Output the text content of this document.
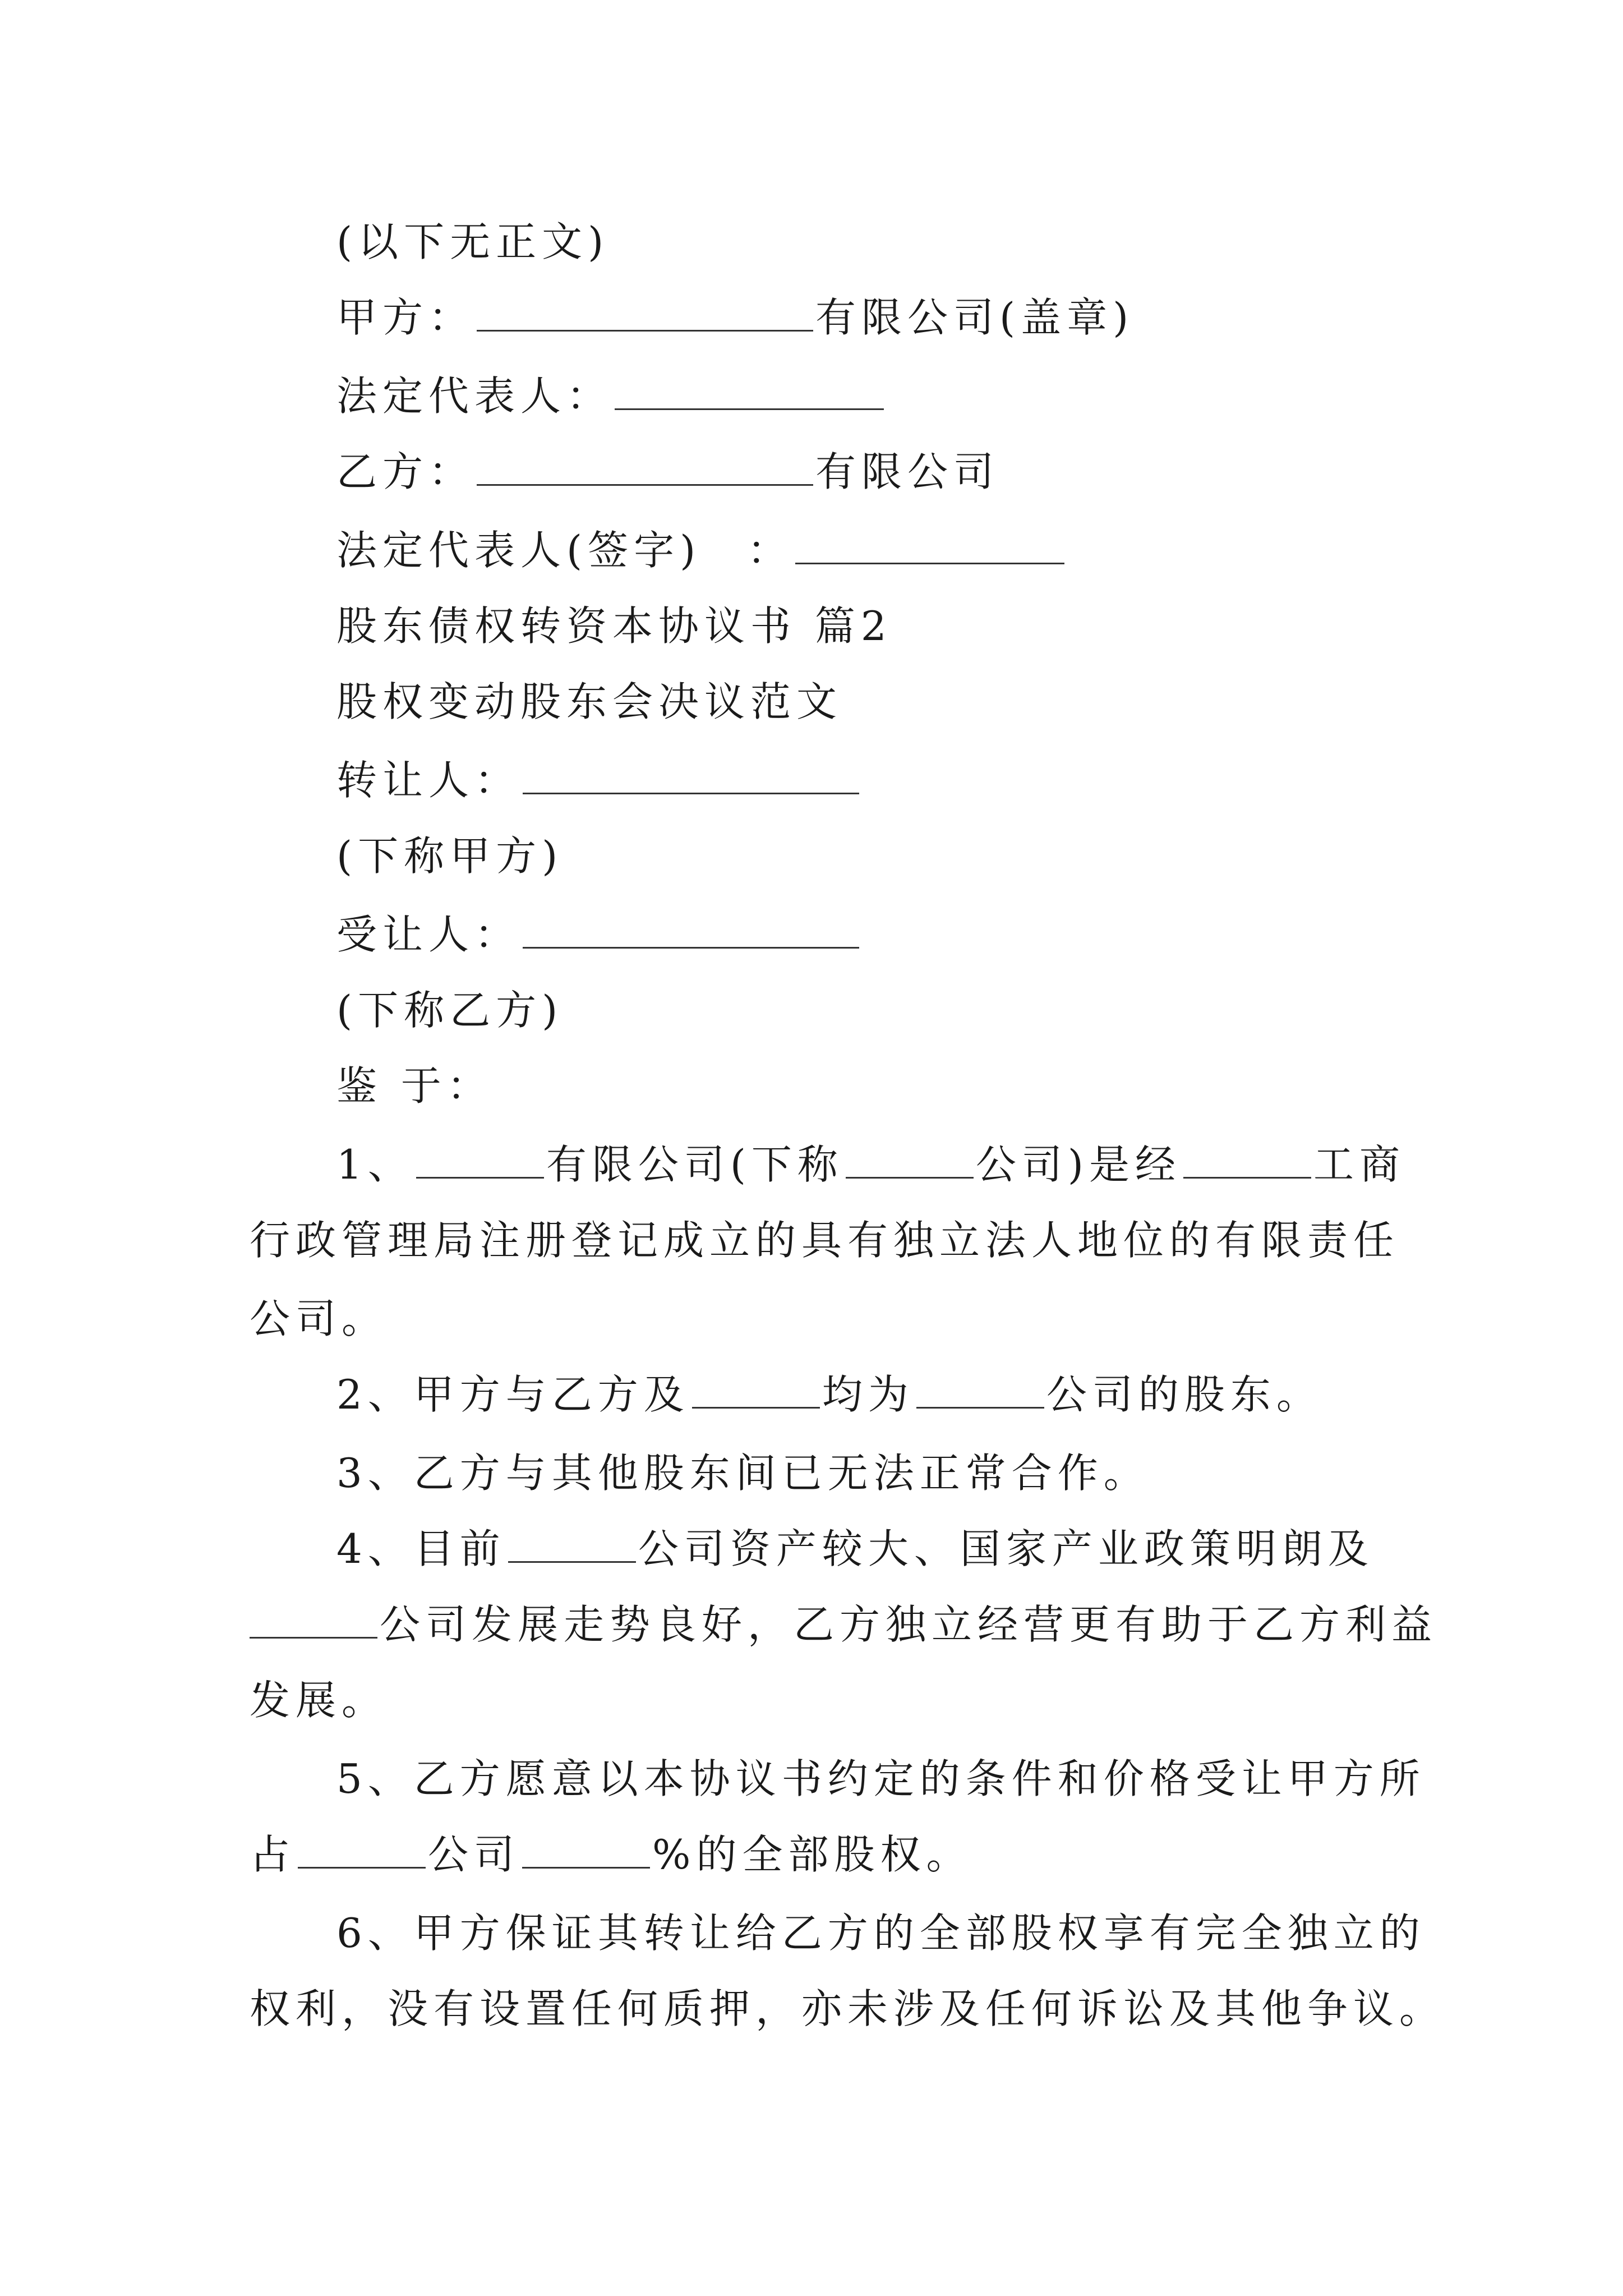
(以下无正文)
甲方：	有限公司(盖章)
法定代表人：
乙方：	有限公司
法定代表人(签字)　：
股东债权转资本协议书 篇2
股权变动股东会决议范文
转让人：
(下称甲方)
受让人：
(下称乙方)
鉴 于：
1、	有限公司(下称	公司)是经	工商
行政管理局注册登记成立的具有独立法人地位的有限责任
公司。
2、甲方与乙方及	均为	公司的股东。
3、乙方与其他股东间已无法正常合作。
4、目前	公司资产较大、国家产业政策明朗及
公司发展走势良好，乙方独立经营更有助于乙方利益
发展。
5、乙方愿意以本协议书约定的条件和价格受让甲方所
占	公司	%的全部股权。
6、甲方保证其转让给乙方的全部股权享有完全独立的
权利，没有设置任何质押，亦未涉及任何诉讼及其他争议。
